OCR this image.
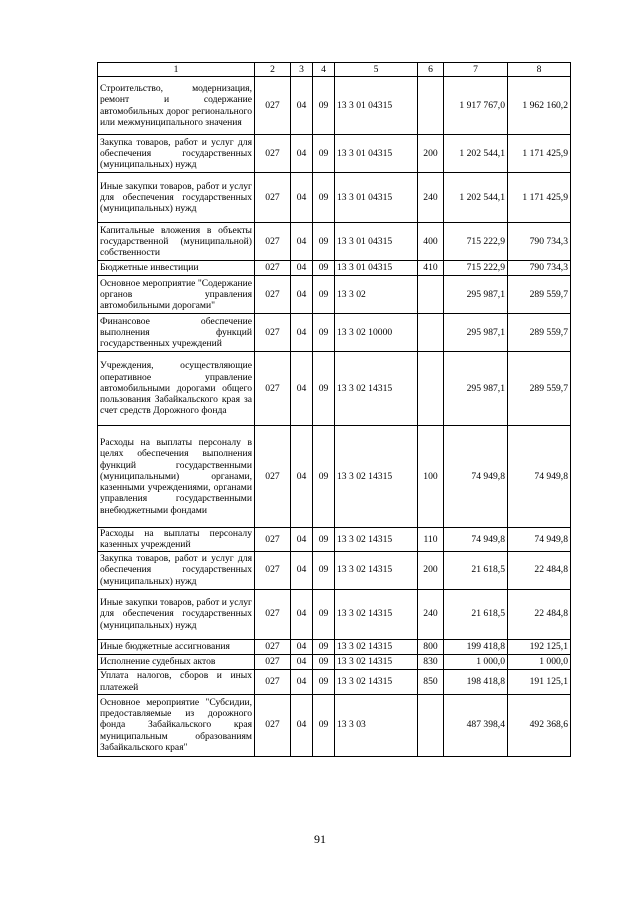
1	2	3	4	5	6	7	8
Строительство, модернизация, ремонт и содержание автомобильных дорог регионального или межмуниципального значения	027	04	09	13 3 01 04315		1 917 767,0	1 962 160,2
Закупка товаров, работ и услуг для обеспечения государственных (муниципальных) нужд	027	04	09	13 3 01 04315	200	1 202 544,1	1 171 425,9
Иные закупки товаров, работ и услуг для обеспечения государственных (муниципальных) нужд	027	04	09	13 3 01 04315	240	1 202 544,1	1 171 425,9
Капитальные вложения в объекты государственной (муниципальной) собственности	027	04	09	13 3 01 04315	400	715 222,9	790 734,3
Бюджетные инвестиции	027	04	09	13 3 01 04315	410	715 222,9	790 734,3
Основное мероприятие "Содержание органов управления автомобильными дорогами"	027	04	09	13 3 02		295 987,1	289 559,7
Финансовое обеспечение выполнения функций государственных учреждений	027	04	09	13 3 02 10000		295 987,1	289 559,7
Учреждения, осуществляющие оперативное управление автомобильными дорогами общего пользования Забайкальского края за счет средств Дорожного фонда	027	04	09	13 3 02 14315		295 987,1	289 559,7
Расходы на выплаты персоналу в целях обеспечения выполнения функций государственными (муниципальными) органами, казенными учреждениями, органами управления государственными внебюджетными фондами	027	04	09	13 3 02 14315	100	74 949,8	74 949,8
Расходы на выплаты персоналу казенных учреждений	027	04	09	13 3 02 14315	110	74 949,8	74 949,8
Закупка товаров, работ и услуг для обеспечения государственных (муниципальных) нужд	027	04	09	13 3 02 14315	200	21 618,5	22 484,8
Иные закупки товаров, работ и услуг для обеспечения государственных (муниципальных) нужд	027	04	09	13 3 02 14315	240	21 618,5	22 484,8
Иные бюджетные ассигнования	027	04	09	13 3 02 14315	800	199 418,8	192 125,1
Исполнение судебных актов	027	04	09	13 3 02 14315	830	1 000,0	1 000,0
Уплата налогов, сборов и иных платежей	027	04	09	13 3 02 14315	850	198 418,8	191 125,1
Основное мероприятие "Субсидии, предоставляемые из дорожного фонда Забайкальского края муниципальным образованиям Забайкальского края"	027	04	09	13 3 03		487 398,4	492 368,6
91
